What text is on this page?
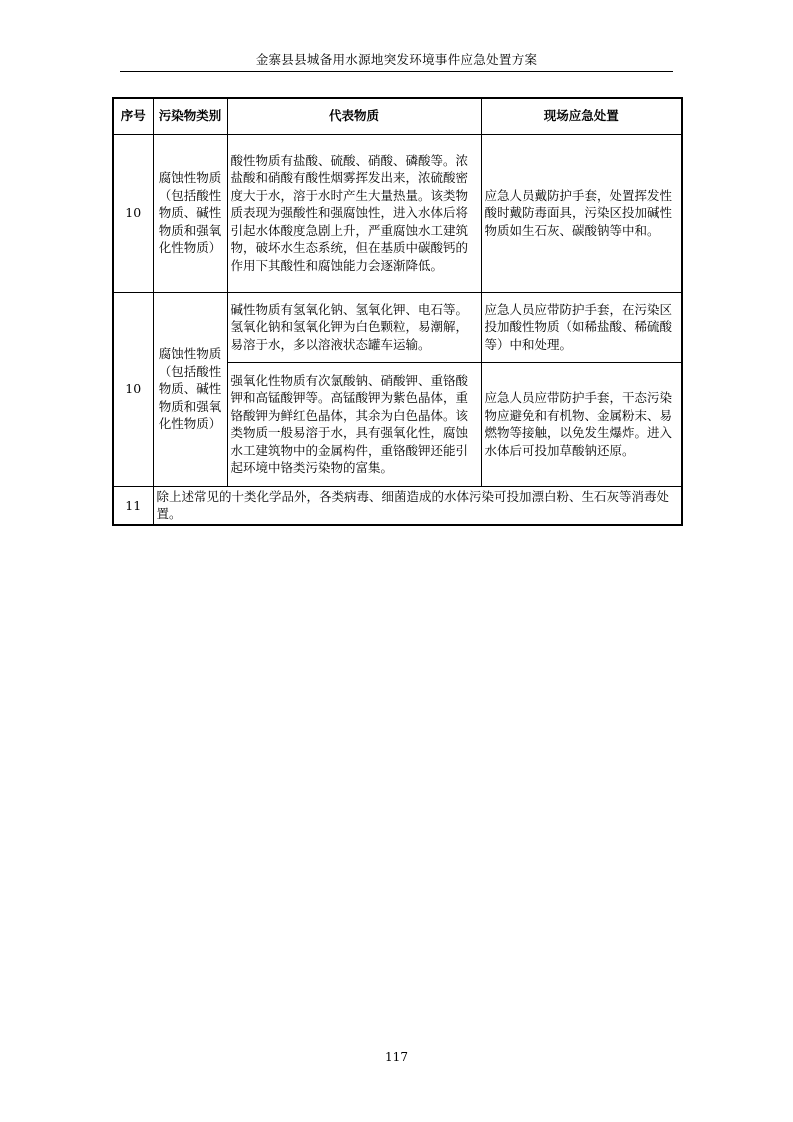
金寨县县城备用水源地突发环境事件应急处置方案
序号	污染物类别	代表物质	现场应急处置
10	腐蚀性物质（包括酸性物质、碱性物质和强氧化性物质）	酸性物质有盐酸、硫酸、硝酸、磷酸等。浓盐酸和硝酸有酸性烟雾挥发出来，浓硫酸密度大于水，溶于水时产生大量热量。该类物质表现为强酸性和强腐蚀性，进入水体后将引起水体酸度急剧上升，严重腐蚀水工建筑物，破坏水生态系统，但在基质中碳酸钙的作用下其酸性和腐蚀能力会逐渐降低。	应急人员戴防护手套，处置挥发性酸时戴防毒面具，污染区投加碱性物质如生石灰、碳酸钠等中和。
10	腐蚀性物质（包括酸性物质、碱性物质和强氧化性物质）	碱性物质有氢氧化钠、氢氧化钾、电石等。氢氧化钠和氢氧化钾为白色颗粒，易潮解，易溶于水，多以溶液状态罐车运输。	应急人员应带防护手套，在污染区投加酸性物质（如稀盐酸、稀硫酸等）中和处理。
		强氧化性物质有次氯酸钠、硝酸钾、重铬酸钾和高锰酸钾等。高锰酸钾为紫色晶体，重铬酸钾为鲜红色晶体，其余为白色晶体。该类物质一般易溶于水，具有强氧化性，腐蚀水工建筑物中的金属构件，重铬酸钾还能引起环境中铬类污染物的富集。	应急人员应带防护手套，干态污染物应避免和有机物、金属粉末、易燃物等接触，以免发生爆炸。进入水体后可投加草酸钠还原。
11	除上述常见的十类化学品外，各类病毒、细菌造成的水体污染可投加漂白粉、生石灰等消毒处置。		
117
